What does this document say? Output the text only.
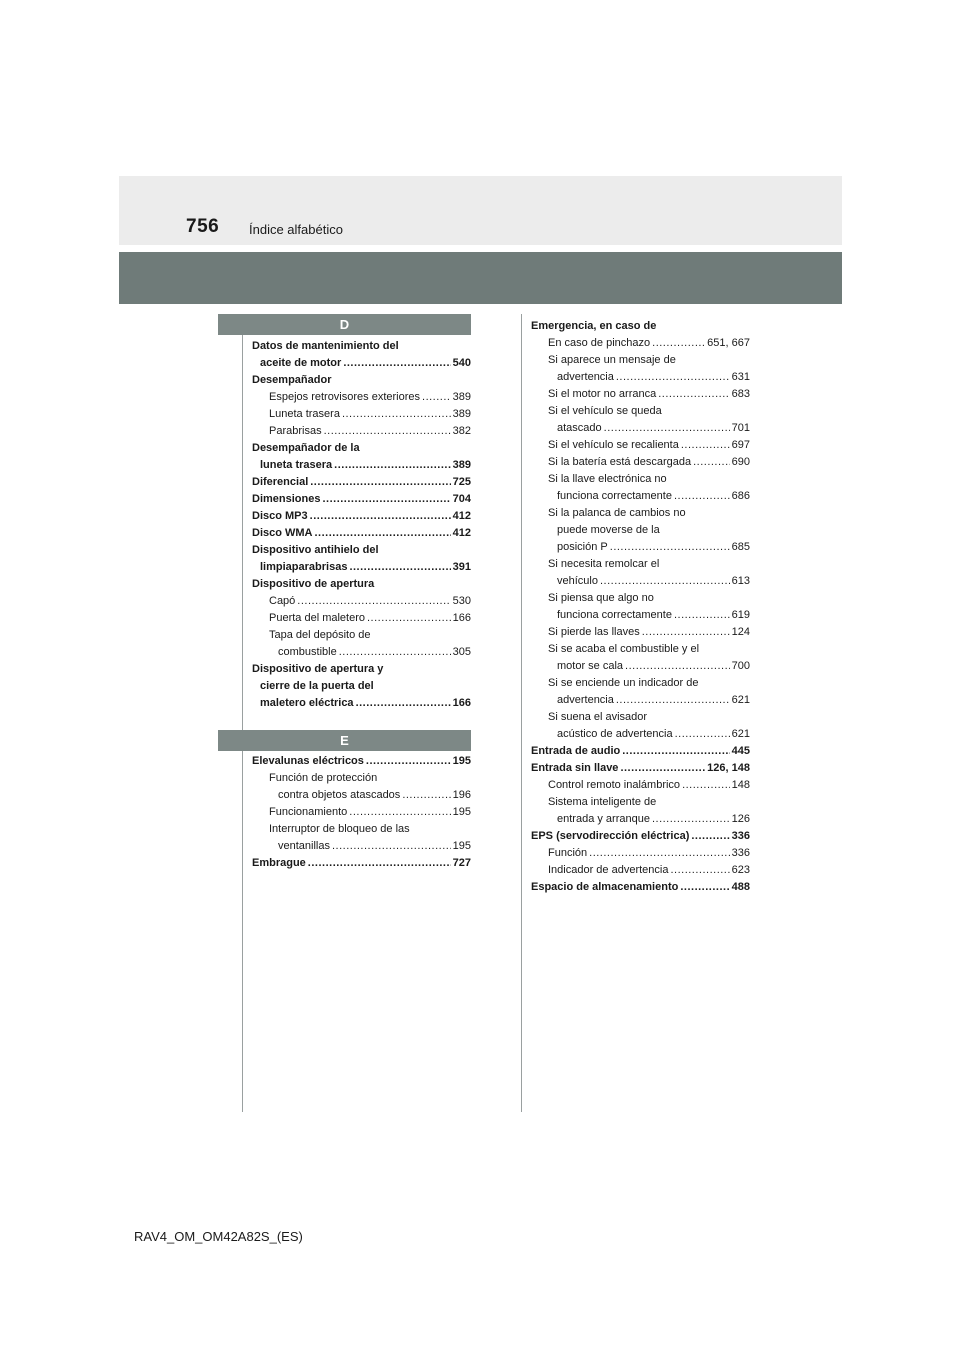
756 Índice alfabético
D
Datos de mantenimiento del
aceite de motor .....	540
Desempañador
Espejos retrovisores exteriores .....	389
Luneta trasera .....	389
Parabrisas .....	382
Desempañador de la
luneta trasera .....	389
Diferencial .....	725
Dimensiones .....	704
Disco MP3 .....	412
Disco WMA .....	412
Dispositivo antihielo del
limpiaparabrisas .....	391
Dispositivo de apertura
Capó .....	530
Puerta del maletero .....	166
Tapa del depósito de
combustible .....	305
Dispositivo de apertura y
cierre de la puerta del
maletero eléctrica .....	166
E
Elevalunas eléctricos .....	195
Función de protección
contra objetos atascados .....	196
Funcionamiento .....	195
Interruptor de bloqueo de las
ventanillas .....	195
Embrague .....	727
Emergencia, en caso de
En caso de pinchazo .....	651, 667
Si aparece un mensaje de
advertencia .....	631
Si el motor no arranca .....	683
Si el vehículo se queda
atascado .....	701
Si el vehículo se recalienta .....	697
Si la batería está descargada .....	690
Si la llave electrónica no
funciona correctamente .....	686
Si la palanca de cambios no
puede moverse de la
posición P .....	685
Si necesita remolcar el
vehículo .....	613
Si piensa que algo no
funciona correctamente .....	619
Si pierde las llaves .....	124
Si se acaba el combustible y el
motor se cala .....	700
Si se enciende un indicador de
advertencia .....	621
Si suena el avisador
acústico de advertencia .....	621
Entrada de audio .....	445
Entrada sin llave .....	126, 148
Control remoto inalámbrico .....	148
Sistema inteligente de
entrada y arranque .....	126
EPS (servodirección eléctrica) .....	336
Función .....	336
Indicador de advertencia .....	623
Espacio de almacenamiento .....	488
RAV4_OM_OM42A82S_(ES)
